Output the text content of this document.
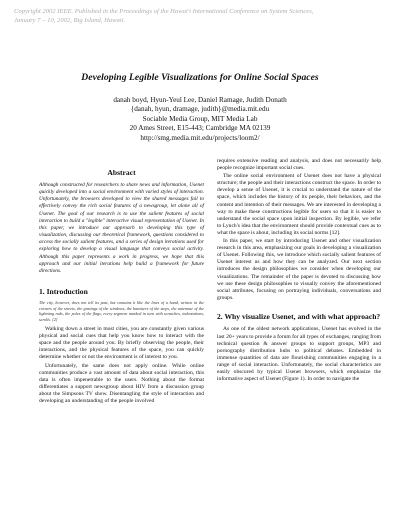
Copyright 2002 IEEE. Published in the Proceedings of the Hawai'i International Conference on System Sciences, January 7 – 10, 2002, Big Island, Hawaii.
Developing Legible Visualizations for Online Social Spaces
danah boyd, Hyun-Yeul Lee, Daniel Ramage, Judith Donath
{danah, hyun, dramage, judith}@media.mit.edu
Sociable Media Group, MIT Media Lab
20 Ames Street, E15-443; Cambridge MA 02139
http://smg.media.mit.edu/projects/loom2/
Abstract
Although constructed for researchers to share news and information, Usenet quickly developed into a social environment with varied styles of interaction. Unfortunately, the browsers developed to view the shared messages fail to effectively convey the rich social features of a newsgroup, let alone all of Usenet. The goal of our research is to use the salient features of social interaction to build a "legible" interactive visual representation of Usenet. In this paper, we introduce our approach to developing this type of visualization, discussing our theoretical framework, questions considered to access the socially salient features, and a series of design iterations used for exploring how to develop a visual language that conveys social activity. Although this paper represents a work in progress, we hope that this approach and our initial iterations help build a framework for future directions.
1. Introduction
The city, however, does not tell its past, but contains it like the lines of a hand, written in the corners of the streets, the gratings of the windows, the banisters of the steps, the antennae of the lightning rods, the poles of the flags, every segment marked in turn with scratches, indentations, scrolls. [2]
Walking down a street in most cities, you are constantly given various physical and social cues that help you know how to interact with the space and the people around you. By briefly observing the people, their interactions, and the physical features of the space, you can quickly determine whether or not the environment is of interest to you.
Unfortunately, the same does not apply online. While online communities produce a vast amount of data about social interaction, this data is often impenetrable to the users. Nothing about the format differentiates a support newsgroup about HIV from a discussion group about the Simpsons TV show. Disentangling the style of interaction and developing an understanding of the people involved
requires extensive reading and analysis, and does not necessarily help people recognize important social cues.
The online social environment of Usenet does not have a physical structure; the people and their interactions construct the space. In order to develop a sense of Usenet, it is crucial to understand the nature of the space, which includes the history of its people, their behaviors, and the content and intention of their messages. We are interested in developing a way to make these constructions legible for users so that it is easier to understand the social space upon initial inspection. By legible, we refer to Lynch's idea that the environment should provide contextual cues as to what the space is about, including its social norms [12].
In this paper, we start by introducing Usenet and other visualization research in this area, emphasizing our goals in developing a visualization of Usenet. Following this, we introduce which socially salient features of Usenet interest us and how they can be analyzed. Our next section introduces the design philosophies we consider when developing our visualizations. The remainder of the paper is devoted to discussing how we use these design philosophies to visually convey the aforementioned social attributes, focusing on portraying individuals, conversations and groups.
2. Why visualize Usenet, and with what approach?
As one of the oldest network applications, Usenet has evolved in the last 20+ years to provide a forum for all types of exchanges, ranging from technical question & answer groups to support groups, MP3 and pornography distribution hubs to political debates. Embedded in immense quantities of data are flourishing communities engaging in a range of social interaction. Unfortunately, the social characteristics are easily obscured by typical Usenet browsers, which emphasize the informative aspect of Usenet (Figure 1). In order to navigate the
